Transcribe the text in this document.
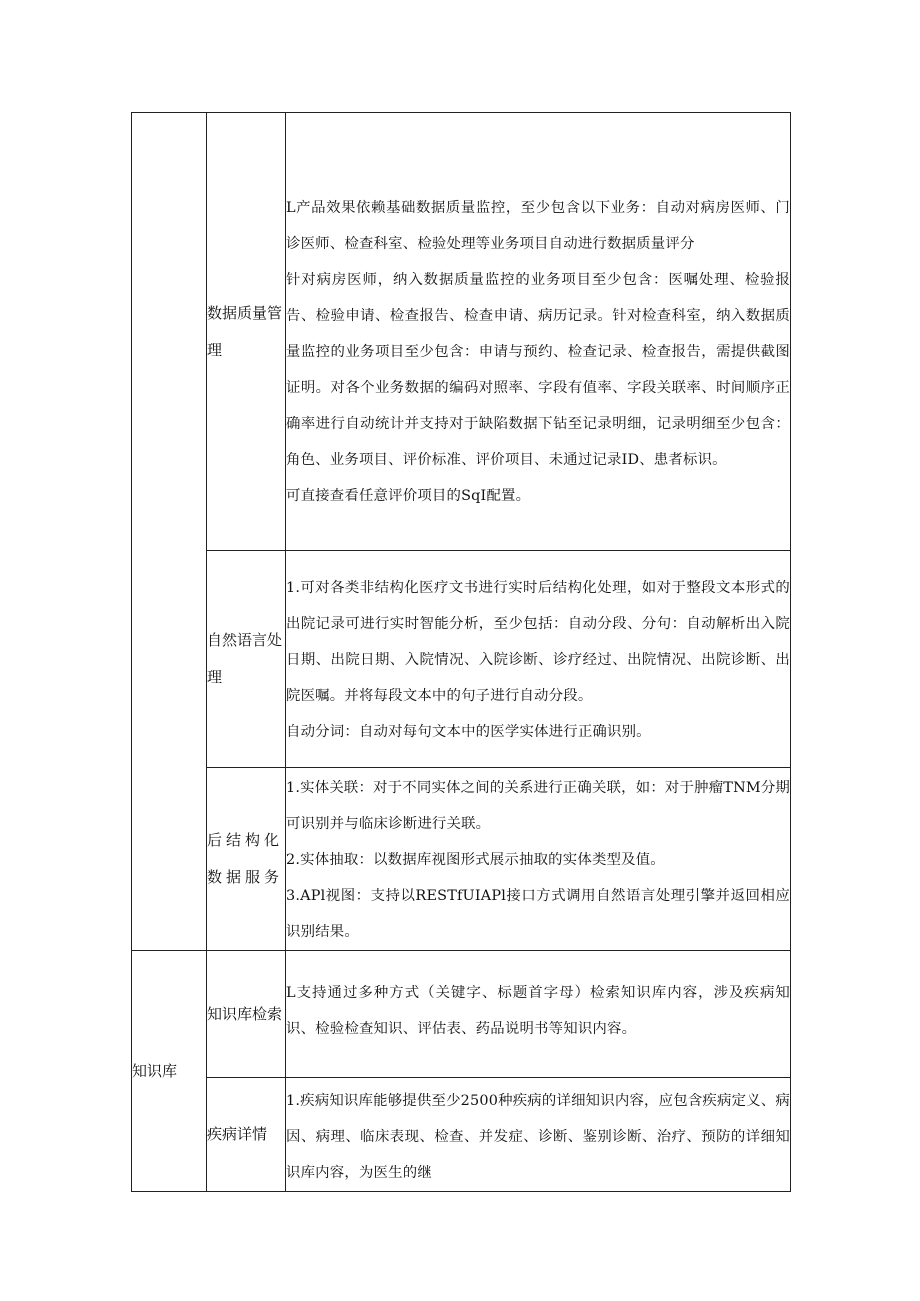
	数据质量管理	L产品效果依赖基础数据质量监控，至少包含以下业务：自动对病房医师、门诊医师、检查科室、检验处理等业务项目自动进行数据质量评分

针对病房医师，纳入数据质量监控的业务项目至少包含：医嘱处理、检验报告、检验申请、检查报告、检查申请、病历记录。针对检查科室，纳入数据质量监控的业务项目至少包含：申请与预约、检查记录、检查报告，需提供截图证明。对各个业务数据的编码对照率、字段有值率、字段关联率、时间顺序正确率进行自动统计并支持对于缺陷数据下钻至记录明细，记录明细至少包含：角色、业务项目、评价标准、评价项目、未通过记录ID、患者标识。

可直接查看任意评价项目的SqI配置。

	自然语言处理	1.可对各类非结构化医疗文书进行实时后结构化处理，如对于整段文本形式的出院记录可进行实时智能分析，至少包括：自动分段、分句：自动解析出入院日期、出院日期、入院情况、入院诊断、诊疗经过、出院情况、出院诊断、出院医嘱。并将每段文本中的句子进行自动分段。

自动分词：自动对每句文本中的医学实体进行正确识别。

	后结构化数据服务	1.实体关联：对于不同实体之间的关系进行正确关联，如：对于肿瘤TNM分期可识别并与临床诊断进行关联。

2.实体抽取：以数据库视图形式展示抽取的实体类型及值。

3.APl视图：支持以RESTfUIAPl接口方式调用自然语言处理引擎并返回相应识别结果。

知识库	知识库检索	L支持通过多种方式（关键字、标题首字母）检索知识库内容，涉及疾病知识、检验检查知识、评估表、药品说明书等知识内容。

	疾病详情	1.疾病知识库能够提供至少2500种疾病的详细知识内容，应包含疾病定义、病因、病理、临床表现、检查、并发症、诊断、鉴别诊断、治疗、预防的详细知识库内容，为医生的继
